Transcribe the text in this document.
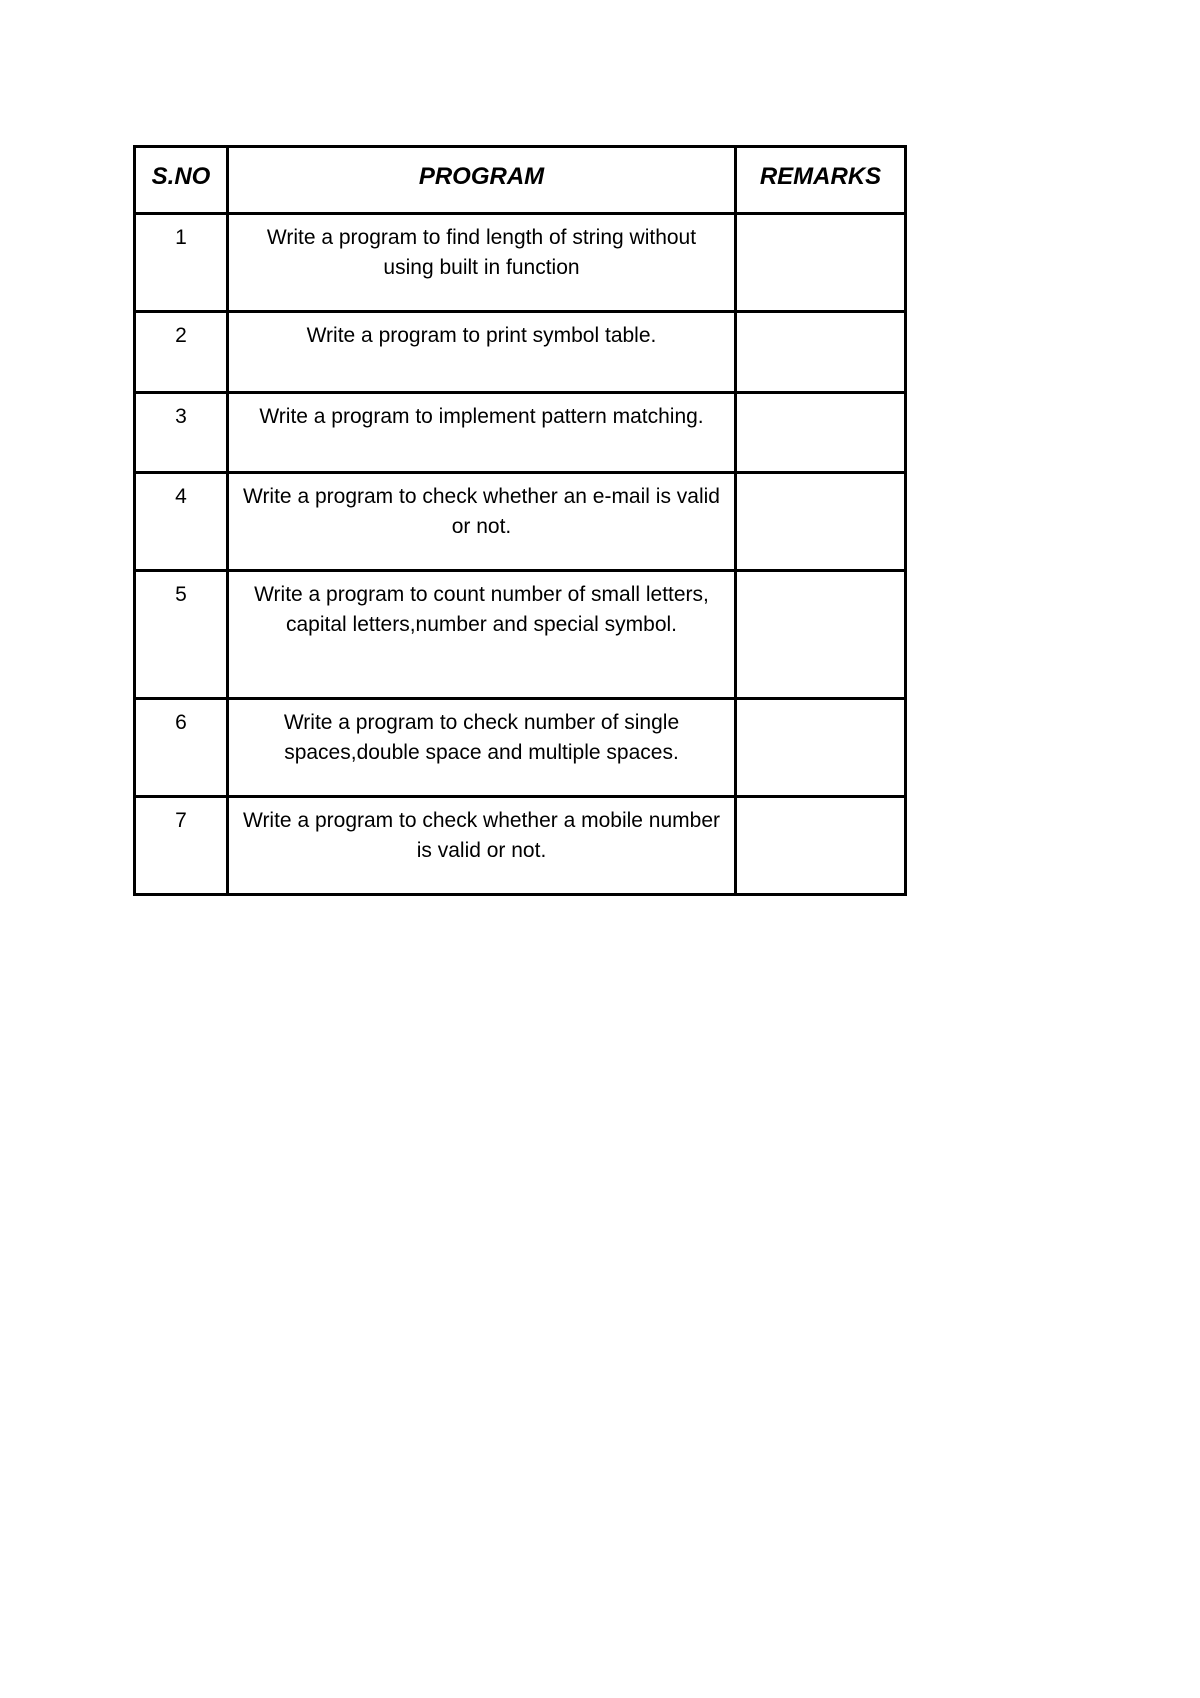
S.NO	PROGRAM	REMARKS
1	Write a program to find length of string without using built in function	
2	Write a program to print symbol table.	
3	Write a program to implement pattern matching.	
4	Write a program to check whether an e-mail is valid or not.	
5	Write a program to count number of small letters, capital letters,number and special symbol.	
6	Write a program to check number of single spaces,double space and multiple spaces.	
7	Write a program to check whether a mobile number is valid or not.	
